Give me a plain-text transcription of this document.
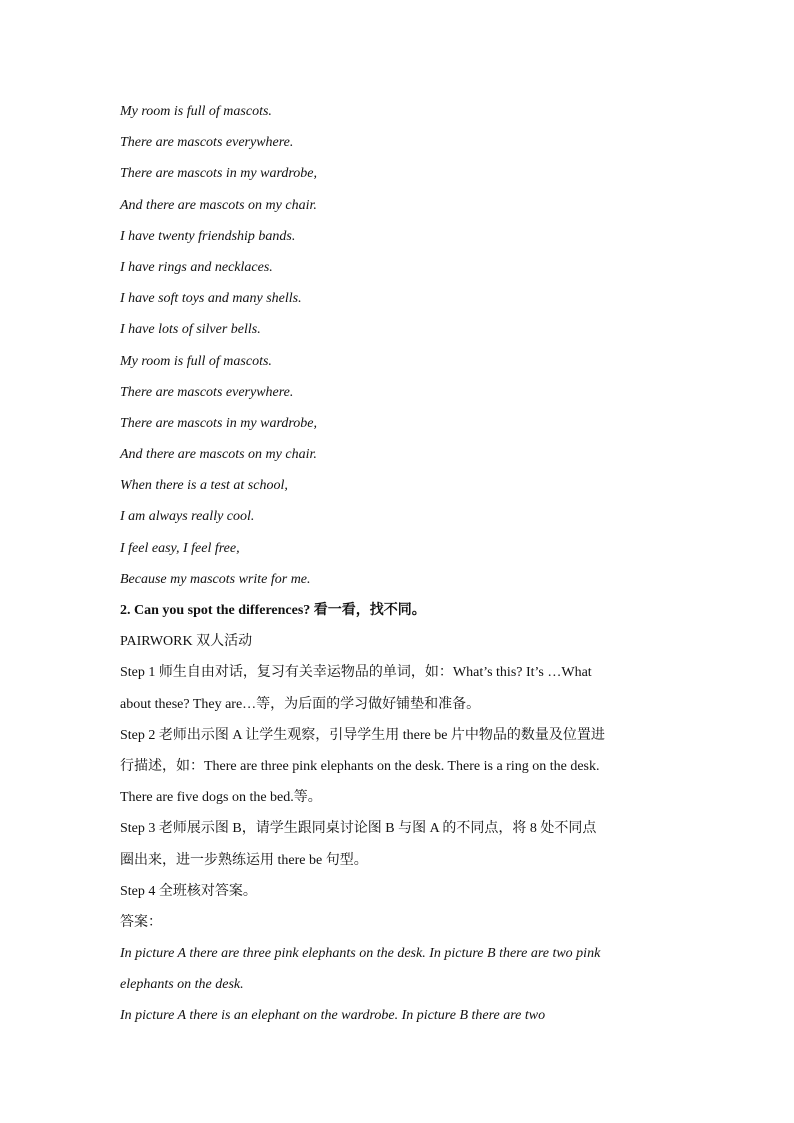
My room is full of mascots.
There are mascots everywhere.
There are mascots in my wardrobe,
And there are mascots on my chair.
I have twenty friendship bands.
I have rings and necklaces.
I have soft toys and many shells.
I have lots of silver bells.
My room is full of mascots.
There are mascots everywhere.
There are mascots in my wardrobe,
And there are mascots on my chair.
When there is a test at school,
I am always really cool.
I feel easy, I feel free,
Because my mascots write for me.
2. Can you spot the differences? 看一看，找不同。
PAIRWORK 双人活动
Step 1 师生自由对话，复习有关幸运物品的单词，如：What’s this? It’s …What
about these? They are…等，为后面的学习做好铺垫和准备。
Step 2 老师出示图 A 让学生观察，引导学生用 there be 片中物品的数量及位置进
行描述，如：There are three pink elephants on the desk. There is a ring on the desk.
There are five dogs on the bed.等。
Step 3 老师展示图 B，请学生跟同桌讨论图 B 与图 A 的不同点，将 8 处不同点
圈出来，进一步熟练运用 there be 句型。
Step 4 全班核对答案。
答案：
In picture A there are three pink elephants on the desk. In picture B there are two pink
elephants on the desk.
In picture A there is an elephant on the wardrobe. In picture B there are two
